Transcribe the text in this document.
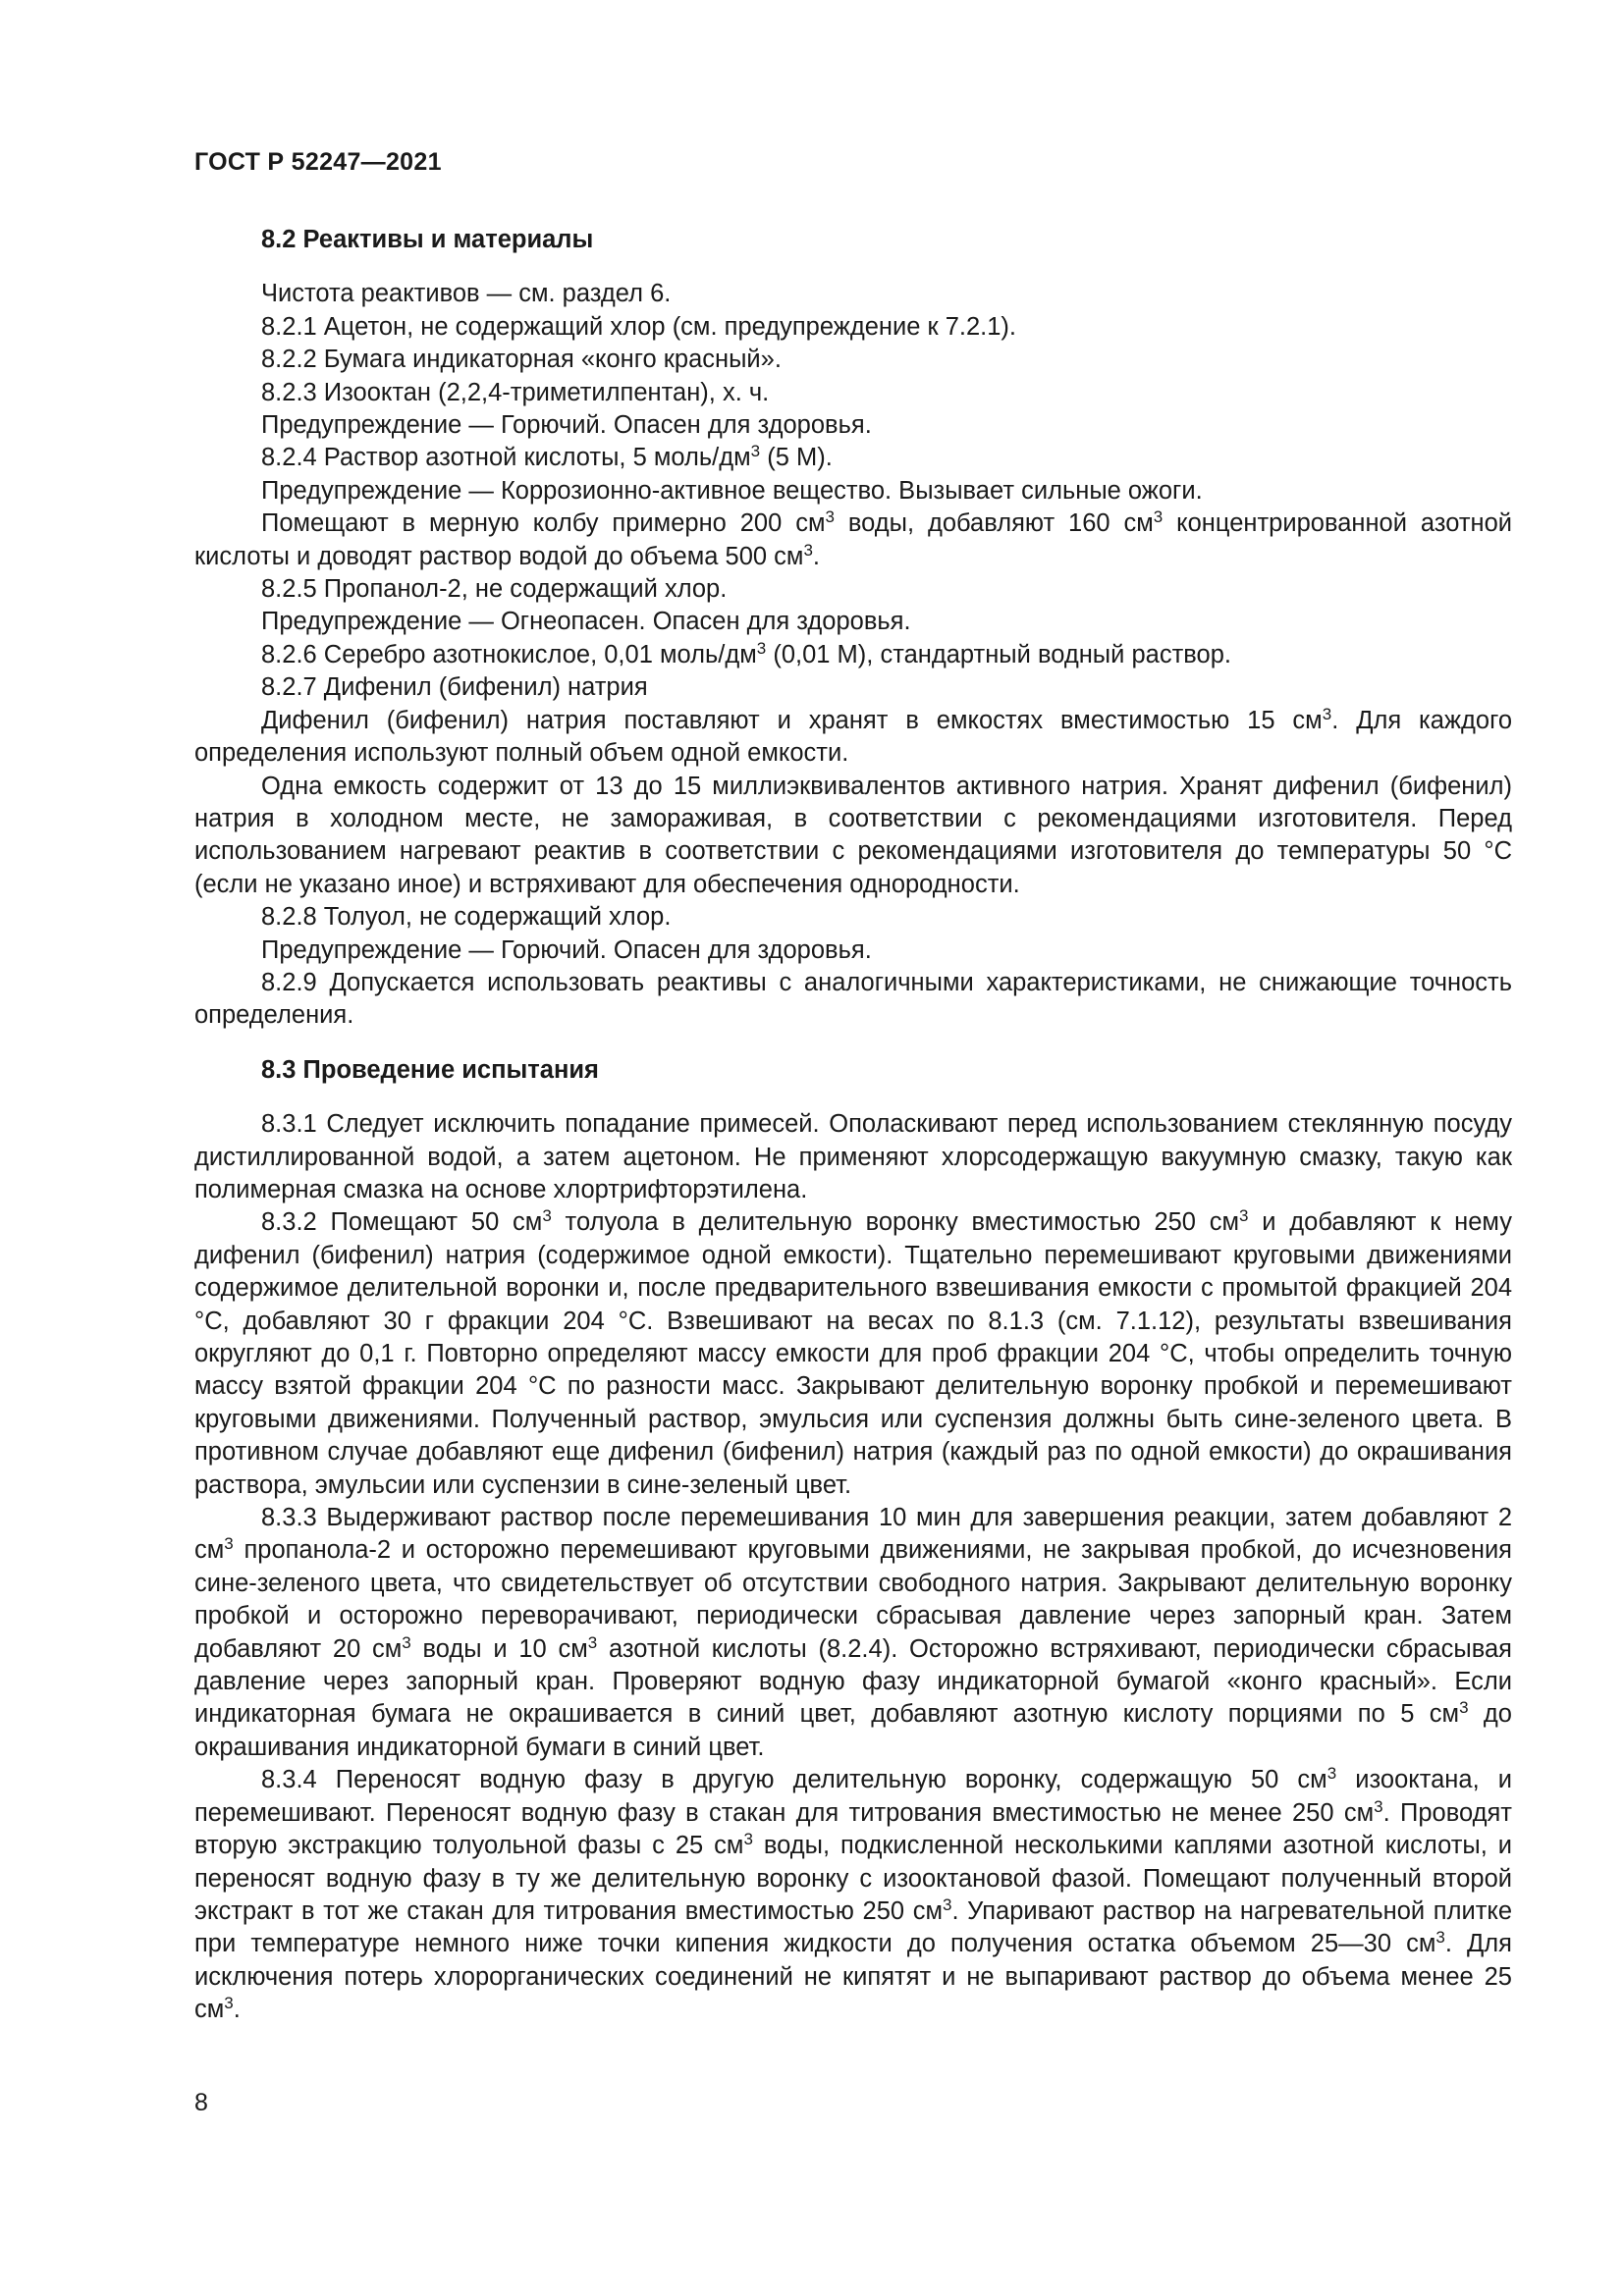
ГОСТ Р 52247—2021
8.2 Реактивы и материалы

Чистота реактивов — см. раздел 6.

8.2.1 Ацетон, не содержащий хлор (см. предупреждение к 7.2.1).

8.2.2 Бумага индикаторная «конго красный».

8.2.3 Изооктан (2,2,4-триметилпентан), х. ч.

Предупреждение — Горючий. Опасен для здоровья.

8.2.4 Раствор азотной кислоты, 5 моль/$дм^3$ (5 М).

Предупреждение — Коррозионно-активное вещество. Вызывает сильные ожоги.

Помещают в мерную колбу примерно 200 $см^3$ воды, добавляют 160 $см^3$ концентрированной азотной кислоты и доводят раствор водой до объема 500 $см^3$.

8.2.5 Пропанол-2, не содержащий хлор.

Предупреждение — Огнеопасен. Опасен для здоровья.

8.2.6 Серебро азотнокислое, 0,01 моль/$дм^3$ (0,01 М), стандартный водный раствор.

8.2.7 Дифенил (бифенил) натрия

Дифенил (бифенил) натрия поставляют и хранят в емкостях вместимостью 15 $см^3$. Для каждого определения используют полный объем одной емкости.

Одна емкость содержит от 13 до 15 миллиэквивалентов активного натрия. Хранят дифенил (бифенил) натрия в холодном месте, не замораживая, в соответствии с рекомендациями изготовителя. Перед использованием нагревают реактив в соответствии с рекомендациями изготовителя до температуры 50 °С (если не указано иное) и встряхивают для обеспечения однородности.

8.2.8 Толуол, не содержащий хлор.

Предупреждение — Горючий. Опасен для здоровья.

8.2.9 Допускается использовать реактивы с аналогичными характеристиками, не снижающие точность определения.

8.3 Проведение испытания

8.3.1 Следует исключить попадание примесей. Ополаскивают перед использованием стеклянную посуду дистиллированной водой, а затем ацетоном. Не применяют хлорсодержащую вакуумную смазку, такую как полимерная смазка на основе хлортрифторэтилена.

8.3.2 Помещают 50 $см^3$ толуола в делительную воронку вместимостью 250 $см^3$ и добавляют к нему дифенил (бифенил) натрия (содержимое одной емкости). Тщательно перемешивают круговыми движениями содержимое делительной воронки и, после предварительного взвешивания емкости с промытой фракцией 204 °С, добавляют 30 г фракции 204 °С. Взвешивают на весах по 8.1.3 (см. 7.1.12), результаты взвешивания округляют до 0,1 г. Повторно определяют массу емкости для проб фракции 204 °С, чтобы определить точную массу взятой фракции 204 °С по разности масс. Закрывают делительную воронку пробкой и перемешивают круговыми движениями. Полученный раствор, эмульсия или суспензия должны быть сине-зеленого цвета. В противном случае добавляют еще дифенил (бифенил) натрия (каждый раз по одной емкости) до окрашивания раствора, эмульсии или суспензии в сине-зеленый цвет.

8.3.3 Выдерживают раствор после перемешивания 10 мин для завершения реакции, затем добавляют 2 $см^3$ пропанола-2 и осторожно перемешивают круговыми движениями, не закрывая пробкой, до исчезновения сине-зеленого цвета, что свидетельствует об отсутствии свободного натрия. Закрывают делительную воронку пробкой и осторожно переворачивают, периодически сбрасывая давление через запорный кран. Затем добавляют 20 $см^3$ воды и 10 $см^3$ азотной кислоты (8.2.4). Осторожно встряхивают, периодически сбрасывая давление через запорный кран. Проверяют водную фазу индикаторной бумагой «конго красный». Если индикаторная бумага не окрашивается в синий цвет, добавляют азотную кислоту порциями по 5 $см^3$ до окрашивания индикаторной бумаги в синий цвет.

8.3.4 Переносят водную фазу в другую делительную воронку, содержащую 50 $см^3$ изооктана, и перемешивают. Переносят водную фазу в стакан для титрования вместимостью не менее 250 $см^3$. Проводят вторую экстракцию толуольной фазы с 25 $см^3$ воды, подкисленной несколькими каплями азотной кислоты, и переносят водную фазу в ту же делительную воронку с изооктановой фазой. Помещают полученный второй экстракт в тот же стакан для титрования вместимостью 250 $см^3$. Упаривают раствор на нагревательной плитке при температуре немного ниже точки кипения жидкости до получения остатка объемом 25—30 $см^3$. Для исключения потерь хлорорганических соединений не кипятят и не выпаривают раствор до объема менее 25 $см^3$.

8
